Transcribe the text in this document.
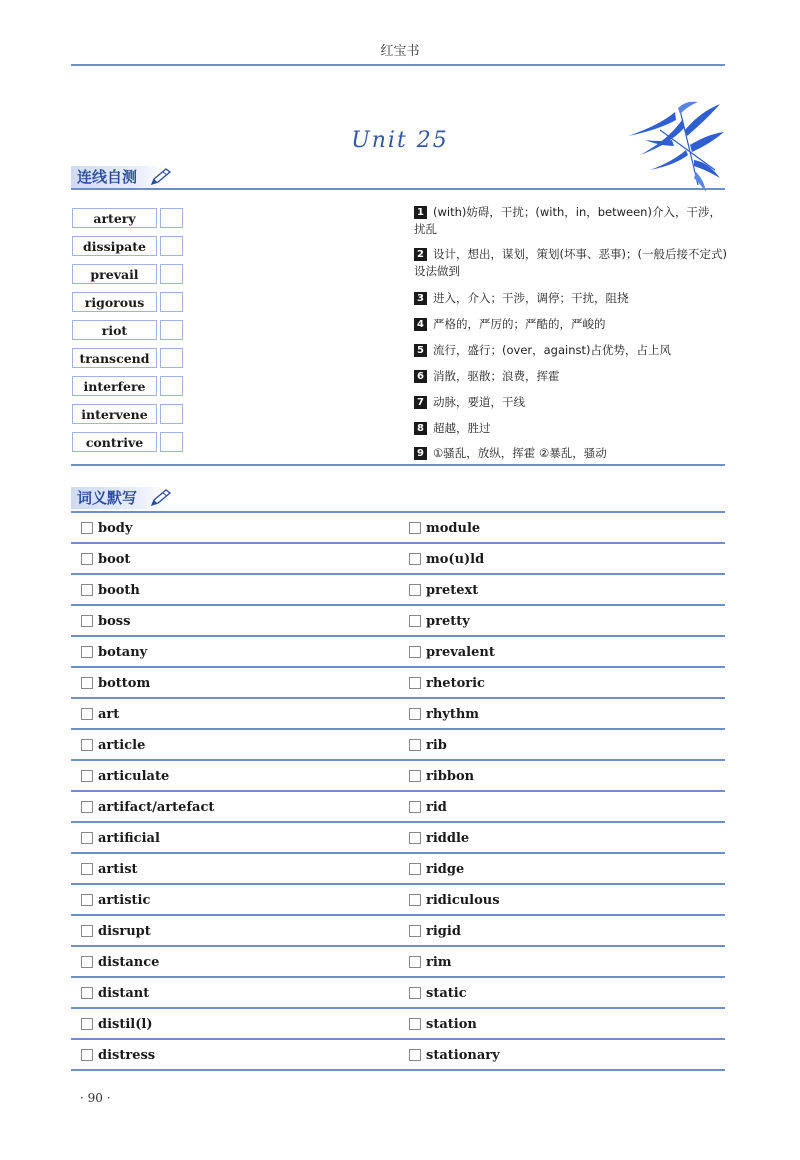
红宝书
Unit 25
连线自测
artery
dissipate
prevail
rigorous
riot
transcend
interfere
intervene
contrive
1 (with)妨碍，干扰；(with，in，between)介入，干涉，扰乱
2 设计，想出，谋划，策划(坏事、恶事)；(一般后接不定式)设法做到
3 进入，介入；干涉，调停；干扰，阻挠
4 严格的，严厉的；严酷的，严峻的
5 流行，盛行；(over，against)占优势，占上风
6 消散，驱散；浪费，挥霍
7 动脉，要道，干线
8 超越，胜过
9 ①骚乱，放纵，挥霍 ②暴乱，骚动
词义默写
body	module
boot	mo(u)ld
booth	pretext
boss	pretty
botany	prevalent
bottom	rhetoric
art	rhythm
article	rib
articulate	ribbon
artifact/artefact	rid
artificial	riddle
artist	ridge
artistic	ridiculous
disrupt	rigid
distance	rim
distant	static
distil(l)	station
distress	stationary
· 90 ·
